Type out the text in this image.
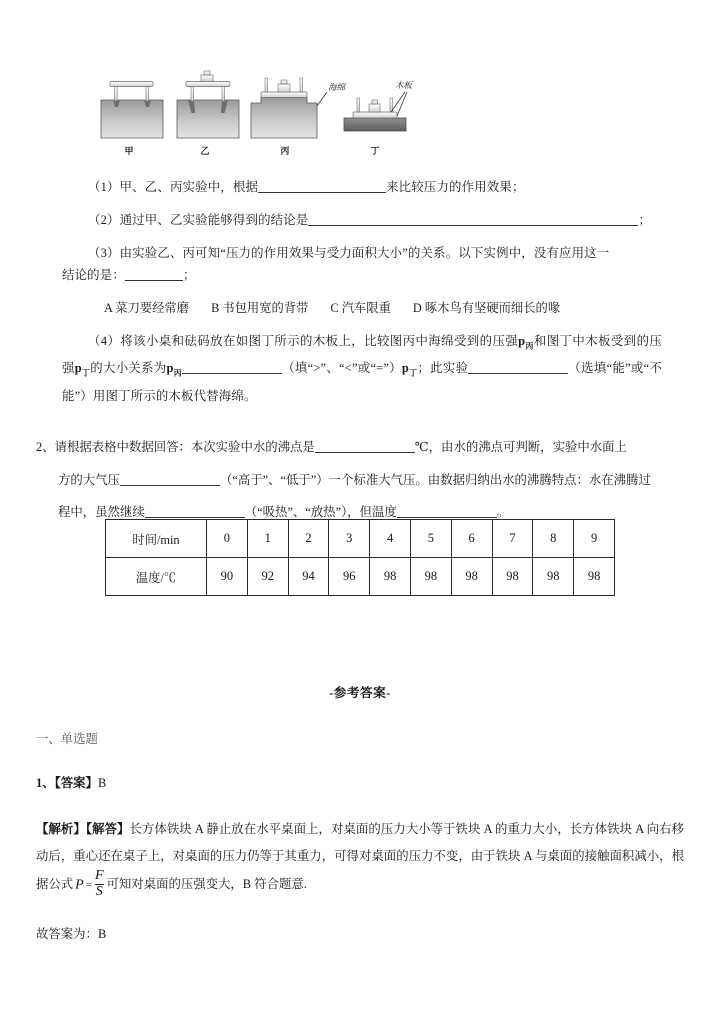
甲	乙
海绵
丙
木板
丁

（1）甲、乙、丙实验中，根据	来比较压力的作用效果；

（2）通过甲、乙实验能够得到的结论是	；

（3）由实验乙、丙可知“压力的作用效果与受力面积大小”的关系。以下实例中，没有应用这一
结论的是：	；

A 菜刀要经常磨 B 书包用宽的背带 C 汽车限重 D 啄木鸟有坚硬而细长的喙

（4）将该小桌和砝码放在如图丁所示的木板上，比较图丙中海绵受到的压强$p_丙$和图丁中木板受到的压强$p_丁$的大小关系为$p_丙$	（填“>”、“<”或“$=”)p_丁$；此实验	（选填“能”或“不能”）用图丁所示的木板代替海绵。

2、请根据表格中数据回答：本次实验中水的沸点是	℃，由水的沸点可判断，实验中水面上

方的大气压	（“高于”、“低于”）一个标准大气压。由数据归纳出水的沸腾特点：水在沸腾过

程中，虽然继续	（“吸热”、“放热”），但温度	。

时间/min	0	1	2	3	4	5	6	7	8	9
温度/℃	90	92	94	96	98	98	98	98	98	98

-参考答案-

一、单选题

1、【答案】B

【解析】【解答】长方体铁块 A 静止放在水平桌面上，对桌面的压力大小等于铁块 A 的重力大小，长方体铁块 A 向右移动后，重心还在桌子上，对桌面的压力仍等于其重力，可得对桌面的压力不变，由于铁块 A 与桌面的接触面积减小，根据公式 $P = \frac{F}{S}$ 可知对桌面的压强变大，B 符合题意.

故答案为：B
